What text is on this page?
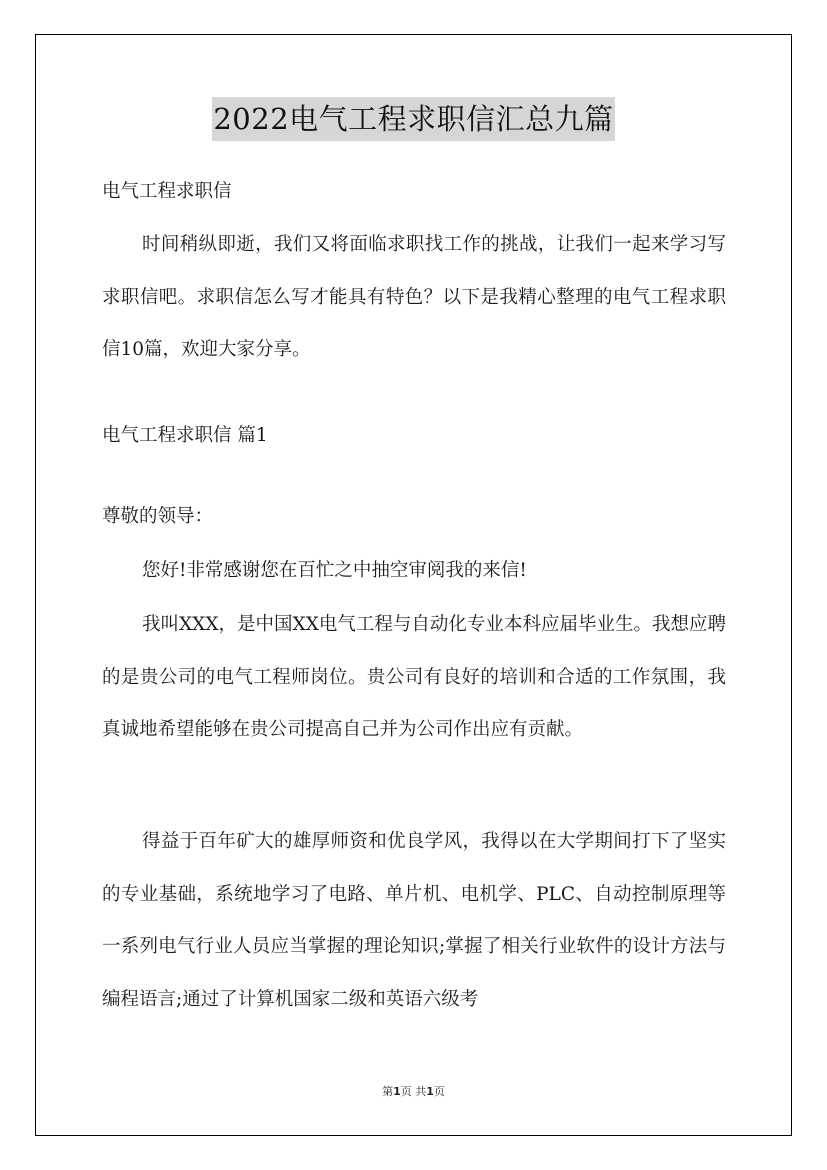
2022电气工程求职信汇总九篇

电气工程求职信

时间稍纵即逝，我们又将面临求职找工作的挑战，让我们一起来学习写求职信吧。求职信怎么写才能具有特色？以下是我精心整理的电气工程求职信10篇，欢迎大家分享。

电气工程求职信 篇1

尊敬的领导：

您好!非常感谢您在百忙之中抽空审阅我的来信!

我叫XXX，是中国XX电气工程与自动化专业本科应届毕业生。我想应聘的是贵公司的电气工程师岗位。贵公司有良好的培训和合适的工作氛围，我真诚地希望能够在贵公司提高自己并为公司作出应有贡献。

得益于百年矿大的雄厚师资和优良学风，我得以在大学期间打下了坚实的专业基础，系统地学习了电路、单片机、电机学、PLC、自动控制原理等一系列电气行业人员应当掌握的理论知识;掌握了相关行业软件的设计方法与编程语言;通过了计算机国家二级和英语六级考

第1页 共1页
